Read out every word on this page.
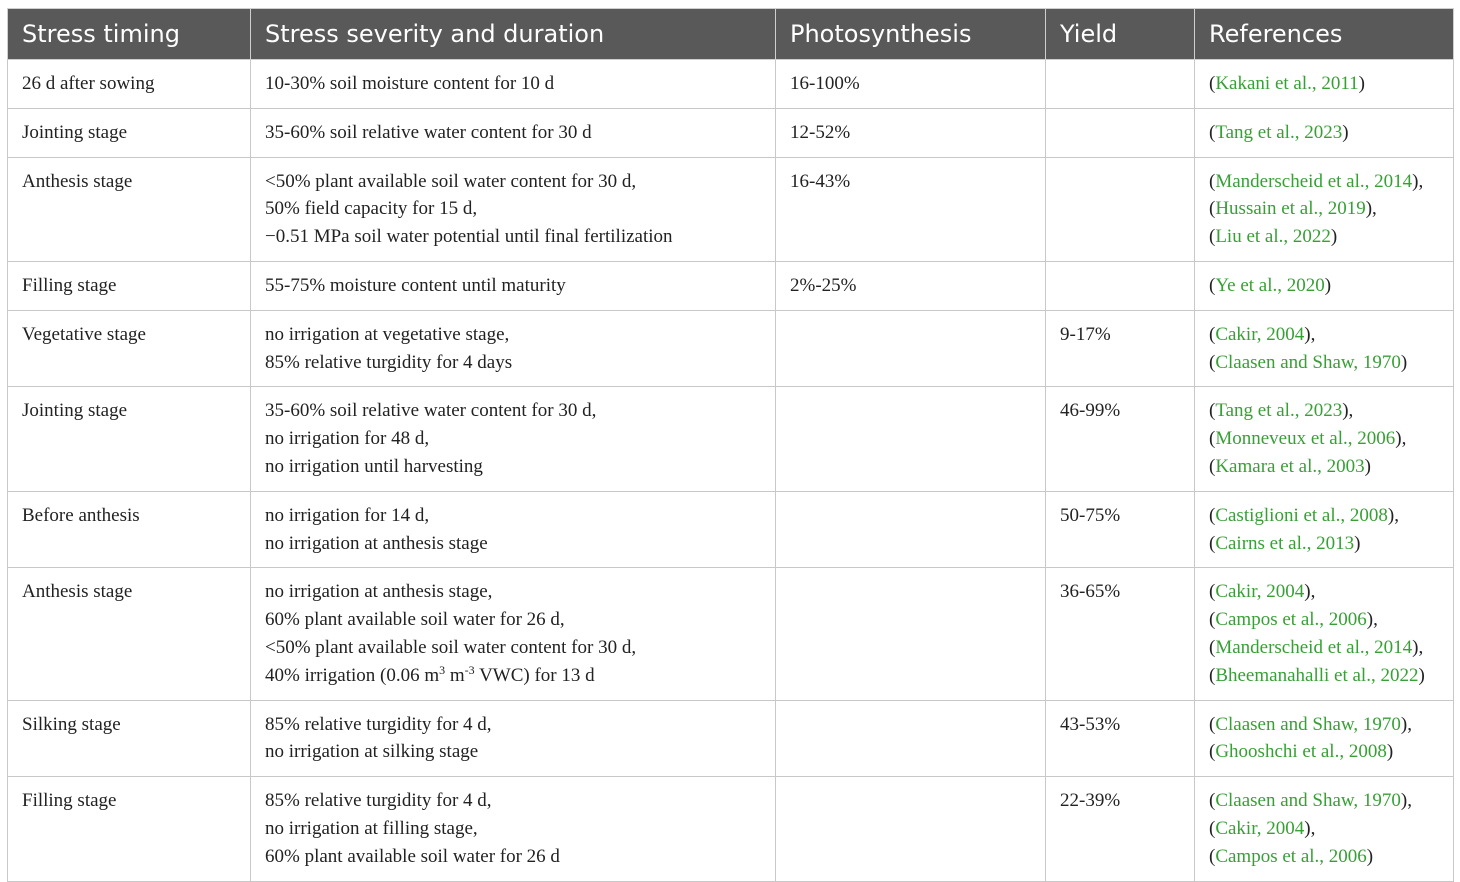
Stress timing	Stress severity and duration	Photosynthesis	Yield	References
26 d after sowing	10-30% soil moisture content for 10 d	16-100%		(Kakani et al., 2011)

Jointing stage	35-60% soil relative water content for 30 d	12-52%		(Tang et al., 2023)

Anthesis stage	<50% plant available soil water content for 30 d,
50% field capacity for 15 d,
−0.51 MPa soil water potential until final fertilization	16-43%		(Manderscheid et al., 2014),
(Hussain et al., 2019),
(Liu et al., 2022)

Filling stage	55-75% moisture content until maturity	2%-25%		(Ye et al., 2020)

Vegetative stage	no irrigation at vegetative stage,
85% relative turgidity for 4 days		9-17%	(Cakir, 2004),
(Claasen and Shaw, 1970)

Jointing stage	35-60% soil relative water content for 30 d,
no irrigation for 48 d,
no irrigation until harvesting		46-99%	(Tang et al., 2023),
(Monneveux et al., 2006),
(Kamara et al., 2003)

Before anthesis	no irrigation for 14 d,
no irrigation at anthesis stage		50-75%	(Castiglioni et al., 2008),
(Cairns et al., 2013)

Anthesis stage	no irrigation at anthesis stage,
60% plant available soil water for 26 d,
<50% plant available soil water content for 30 d,
40% irrigation (0.06 $m^3$ $m^{-3}$ VWC) for 13 d		36-65%	(Cakir, 2004),
(Campos et al., 2006),
(Manderscheid et al., 2014),
(Bheemanahalli et al., 2022)

Silking stage	85% relative turgidity for 4 d,
no irrigation at silking stage		43-53%	(Claasen and Shaw, 1970),
(Ghooshchi et al., 2008)

Filling stage	85% relative turgidity for 4 d,
no irrigation at filling stage,
60% plant available soil water for 26 d		22-39%	(Claasen and Shaw, 1970),
(Cakir, 2004),
(Campos et al., 2006)
